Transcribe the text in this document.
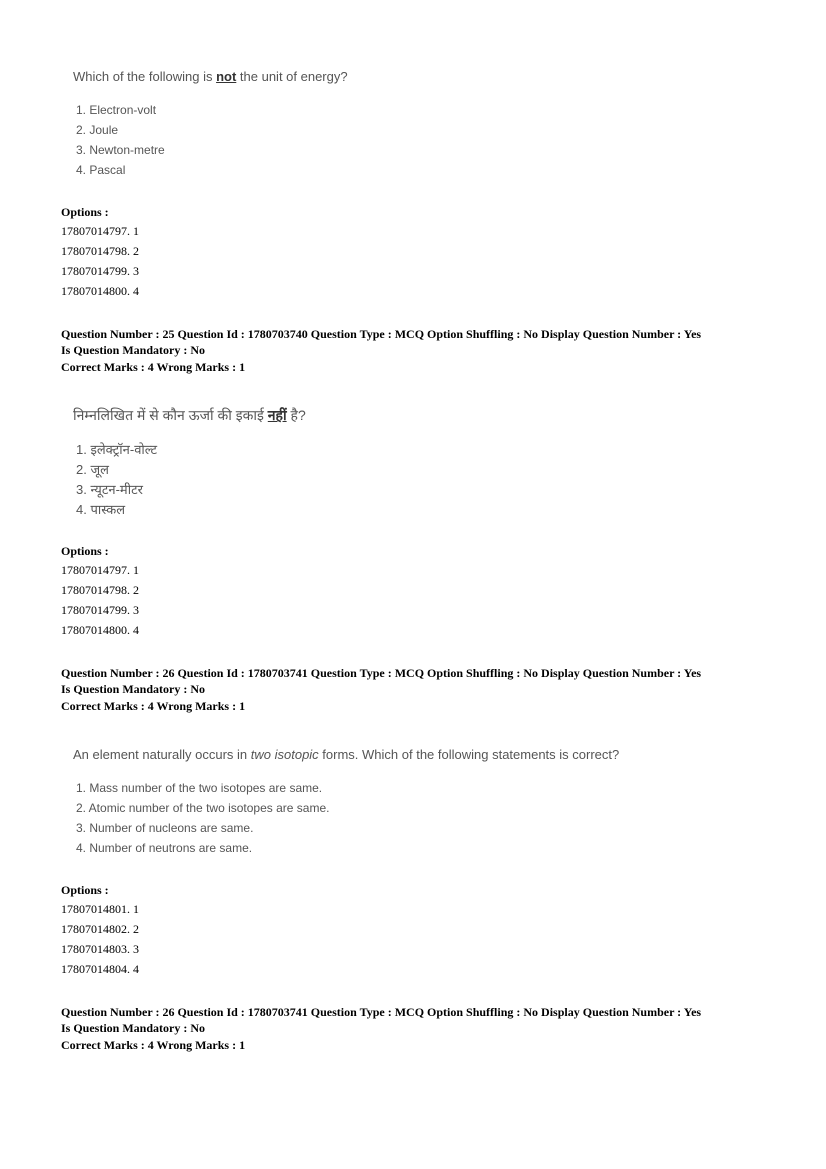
Which of the following is not the unit of energy?
1. Electron-volt
2. Joule
3. Newton-metre
4. Pascal
Options :
17807014797. 1
17807014798. 2
17807014799. 3
17807014800. 4
Question Number : 25 Question Id : 1780703740 Question Type : MCQ Option Shuffling : No Display Question Number : Yes
Is Question Mandatory : No
Correct Marks : 4 Wrong Marks : 1
निम्नलिखित में से कौन ऊर्जा की इकाई नहीं है?
1. इलेक्ट्रॉन-वोल्ट
2. जूल
3. न्यूटन-मीटर
4. पास्कल
Options :
17807014797. 1
17807014798. 2
17807014799. 3
17807014800. 4
Question Number : 26 Question Id : 1780703741 Question Type : MCQ Option Shuffling : No Display Question Number : Yes
Is Question Mandatory : No
Correct Marks : 4 Wrong Marks : 1
An element naturally occurs in two isotopic forms. Which of the following statements is correct?
1. Mass number of the two isotopes are same.
2. Atomic number of the two isotopes are same.
3. Number of nucleons are same.
4. Number of neutrons are same.
Options :
17807014801. 1
17807014802. 2
17807014803. 3
17807014804. 4
Question Number : 26 Question Id : 1780703741 Question Type : MCQ Option Shuffling : No Display Question Number : Yes
Is Question Mandatory : No
Correct Marks : 4 Wrong Marks : 1
